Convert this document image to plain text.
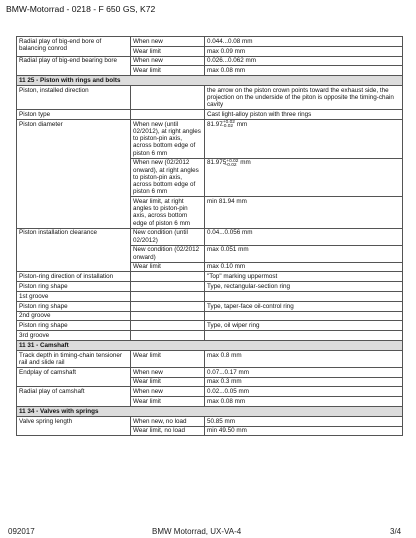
BMW-Motorrad - 0218 - F 650 GS, K72
Radial play of big-end bore of balancing conrod	When new	0.044...0.08 mm
	Wear limit	max 0.09 mm
Radial play of big-end bearing bore	When new	0.026...0.062 mm
	Wear limit	max 0.08 mm
11 25 - Piston with rings and bolts		
Piston, installed direction		the arrow on the piston crown points toward the exhaust side, the projection on the underside of the piton is opposite the timing-chain cavity
Piston type		Cast light-alloy piston with three rings
Piston diameter	When new (until 02/2012), at right angles to piston-pin axis, across bottom edge of piston 6 mm	$81.97^{+0.02}-0.02$ mm
	When new (02/2012 onward), at right angles to piston-pin axis, across bottom edge of piston 6 mm	$81.975^{+0.02}-0.02$ mm
	Wear limit, at right angles to piston-pin axis, across bottom edge of piston 6 mm	min 81.94 mm
Piston installation clearance	New condition (until 02/2012)	0.04...0.056 mm
	New condition (02/2012 onward)	max 0.051 mm
	Wear limit	max 0.10 mm
Piston-ring direction of installation		"Top" marking uppermost
Piston ring shape		Type, rectangular-section ring
1st groove		
Piston ring shape		Type, taper-face oil-control ring
2nd groove		
Piston ring shape		Type, oil wiper ring
3rd groove		
11 31 - Camshaft		
Track depth in timing-chain tensioner rail and slide rail	Wear limit	max 0.8 mm
Endplay of camshaft	When new	0.07...0.17 mm
	Wear limit	max 0.3 mm
Radial play of camshaft	When new	0.02...0.05 mm
	Wear limit	max 0.08 mm
11 34 - Valves with springs		
Valve spring length	When new, no load	50.85 mm
	Wear limit, no load	min 49.50 mm
092017	BMW Motorrad, UX-VA-4	3/4
